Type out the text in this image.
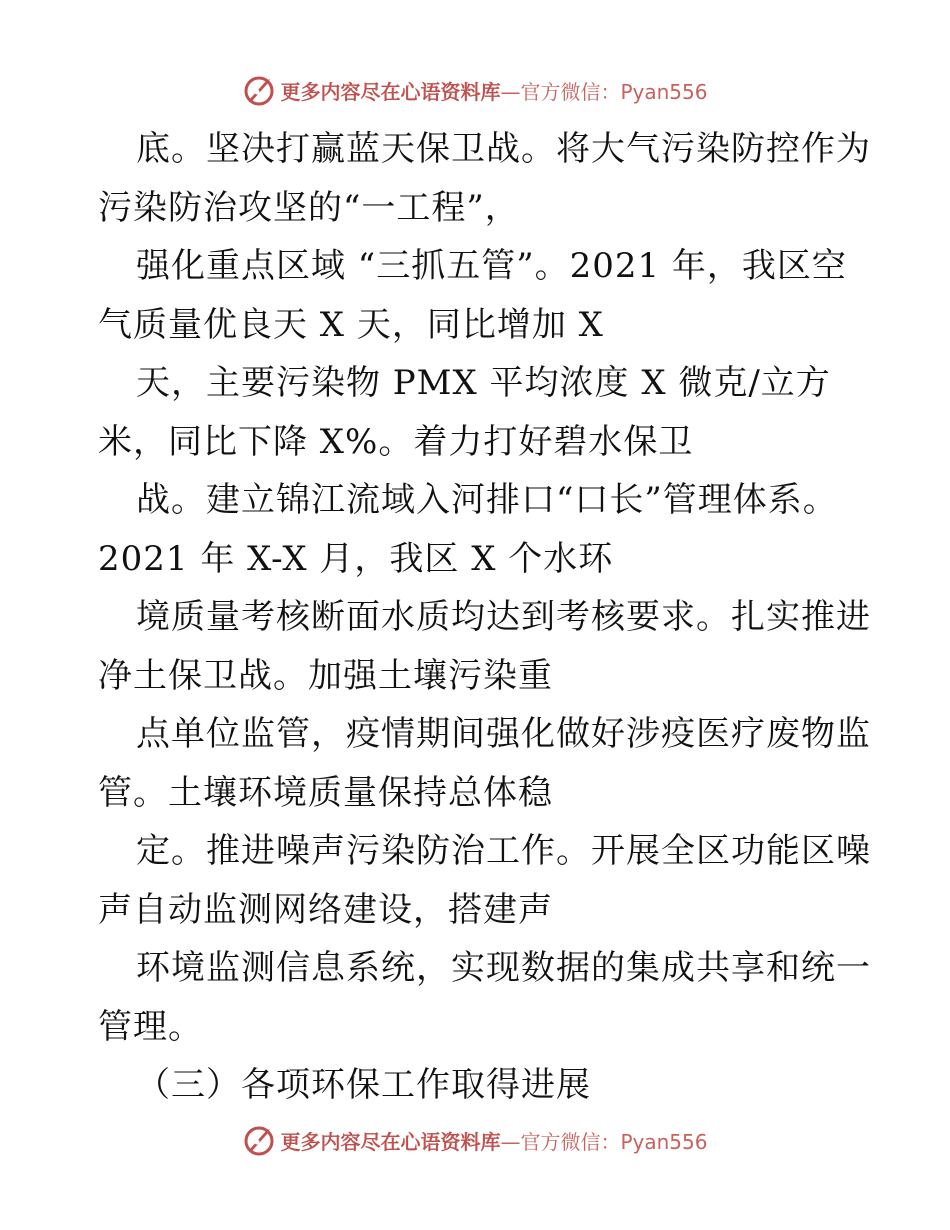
更多内容尽在心语资料库—官方微信：Pyan556
底。坚决打赢蓝天保卫战。将大气污染防控作为
污染防治攻坚的“一工程”，
强化重点区域 “三抓五管”。2021 年，我区空
气质量优良天 X 天，同比增加 X
天，主要污染物 PMX 平均浓度 X 微克/立方
米，同比下降 X%。着力打好碧水保卫
战。建立锦江流域入河排口“口长”管理体系。
2021 年 X-X 月，我区 X 个水环
境质量考核断面水质均达到考核要求。扎实推进
净土保卫战。加强土壤污染重
点单位监管，疫情期间强化做好涉疫医疗废物监
管。土壤环境质量保持总体稳
定。推进噪声污染防治工作。开展全区功能区噪
声自动监测网络建设，搭建声
环境监测信息系统，实现数据的集成共享和统一
管理。
（三）各项环保工作取得进展
更多内容尽在心语资料库—官方微信：Pyan556
